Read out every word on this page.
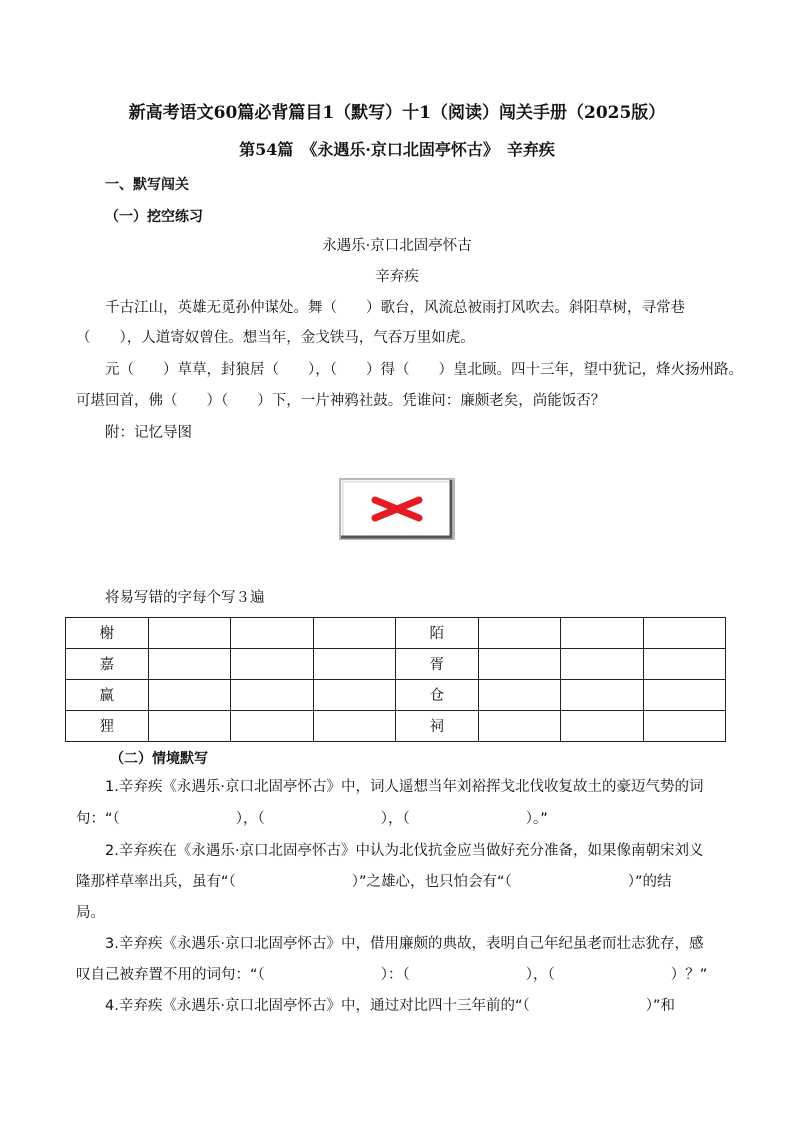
新高考语文60篇必背篇目1（默写）十1（阅读）闯关手册（2025版）
第54篇　《永遇乐·京口北固亭怀古》　辛弃疾
一、默写闯关
（一）挖空练习
永遇乐·京口北固亭怀古
辛弃疾
千古江山，英雄无觅孙仲谋处。舞（　　）歌台，风流总被雨打风吹去。斜阳草树，寻常巷
（　　），人道寄奴曾住。想当年，金戈铁马，气吞万里如虎。
元（　　）草草，封狼居（　　），（　　）得（　　）皇北顾。四十三年，望中犹记，烽火扬州路。
可堪回首，佛（　　）（　　）下，一片神鸦社鼓。凭谁问：廉颇老矣，尚能饭否？
附：记忆导图
将易写错的字每个写３遍
榭				陌			
嘉				胥			
赢				仓			
狸				祠			
（二）情境默写
1.辛弃疾《永遇乐·京口北固亭怀古》中，词人遥想当年刘裕挥戈北伐收复故土的豪迈气势的词
句：“（　　　　　　　　），（　　　　　　　　），（　　　　　　　　）。”
2.辛弃疾在《永遇乐·京口北固亭怀古》中认为北伐抗金应当做好充分准备，如果像南朝宋刘义
隆那样草率出兵，虽有“（　　　　　　　　）”之雄心，也只怕会有“（　　　　　　　　）”的结
局。
3.辛弃疾《永遇乐·京口北固亭怀古》中，借用廉颇的典故，表明自己年纪虽老而壮志犹存，感
叹自己被弃置不用的词句：“（　　　　　　　　）：（　　　　　　　　），（　　　　　　　　）？”
4.辛弃疾《永遇乐·京口北固亭怀古》中，通过对比四十三年前的“（　　　　　　　　）”和
